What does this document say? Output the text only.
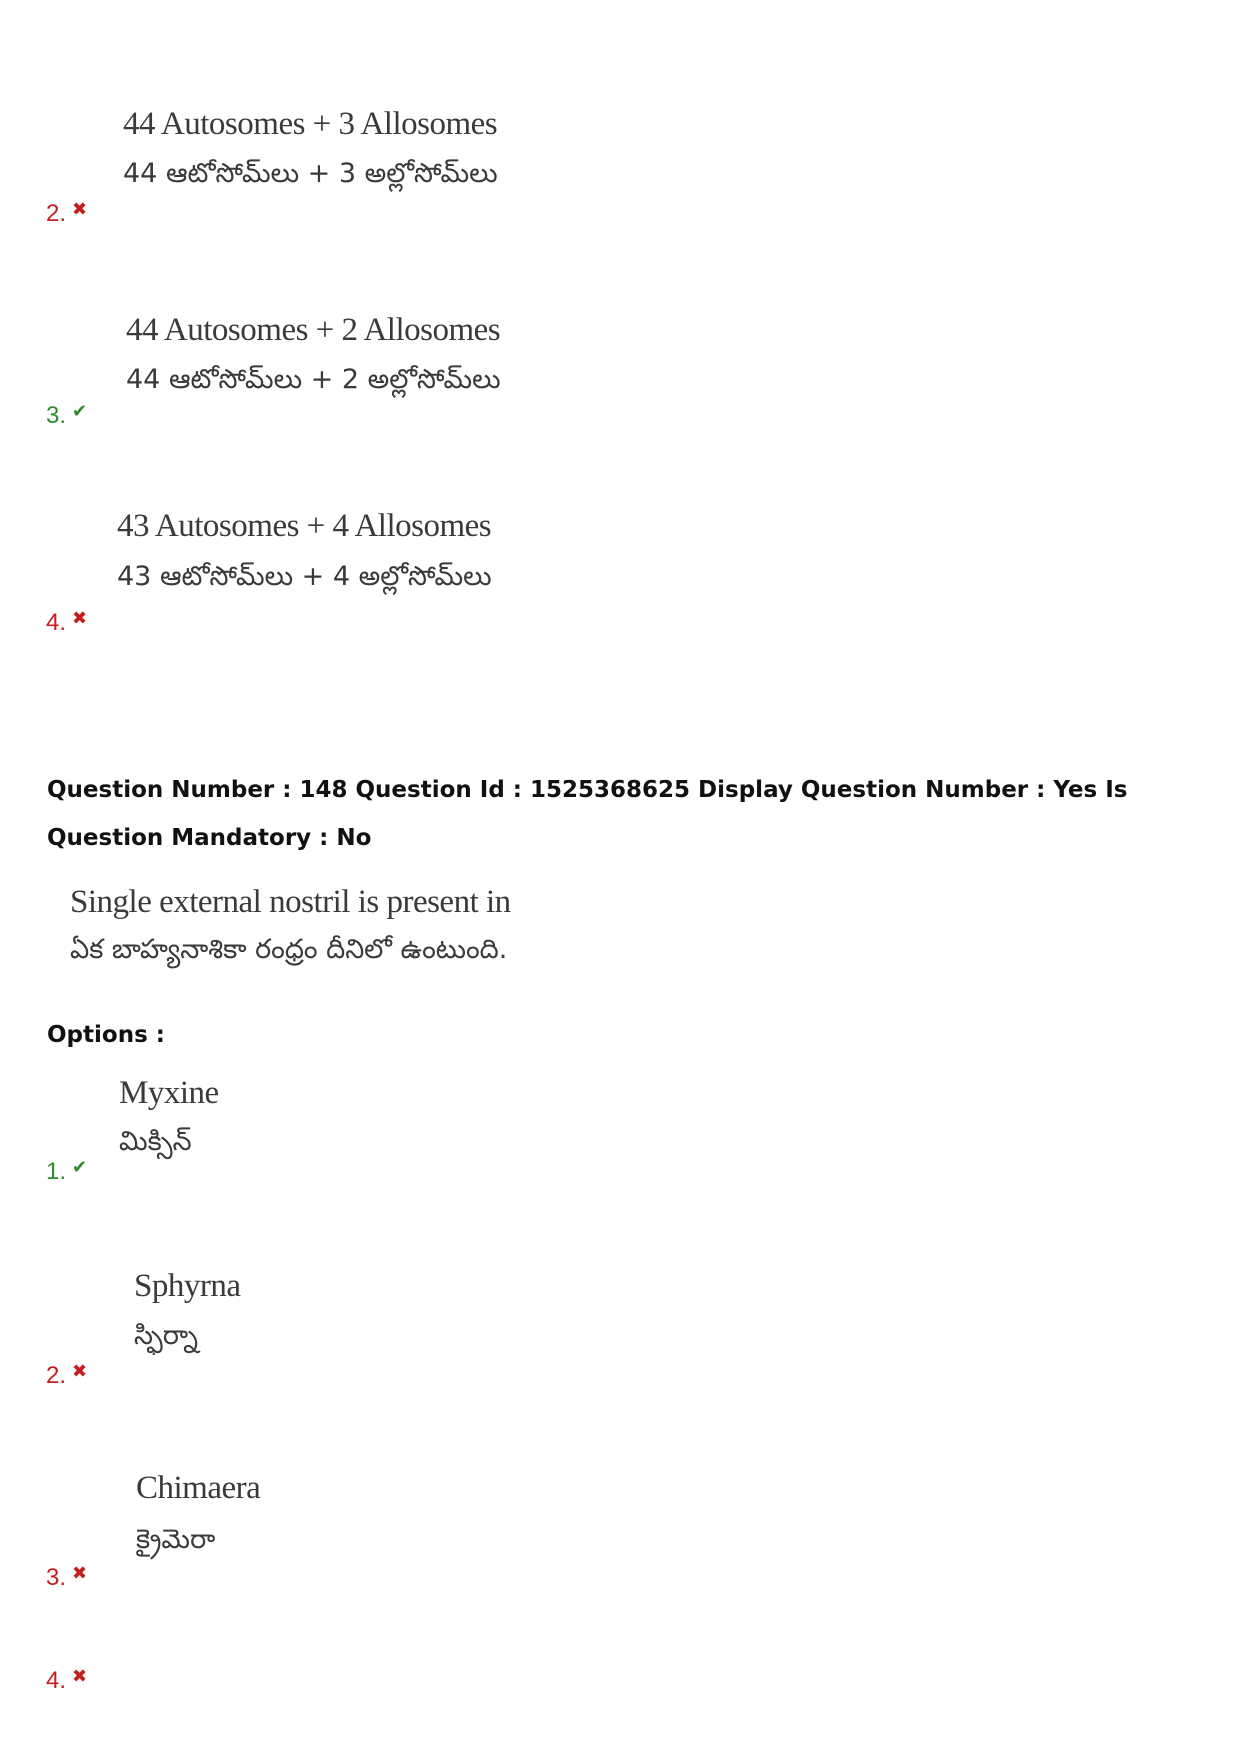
44 Autosomes + 3 Allosomes
44 ఆటోసోమ్‌లు + 3 అల్లోసోమ్‌లు
2. ✖
44 Autosomes + 2 Allosomes
44 ఆటోసోమ్‌లు + 2 అల్లోసోమ్‌లు
3. ✔
43 Autosomes + 4 Allosomes
43 ఆటోసోమ్‌లు + 4 అల్లోసోమ్‌లు
4. ✖
Question Number : 148 Question Id : 1525368625 Display Question Number : Yes Is Question Mandatory : No
Single external nostril is present in
ఏక బాహ్యనాశికా రంధ్రం దీనిలో ఉంటుంది.
Options :
Myxine
మిక్సిన్
1. ✔
Sphyrna
స్ఫిర్నా
2. ✖
Chimaera
క్రైమెరా
3. ✖
4. ✖
